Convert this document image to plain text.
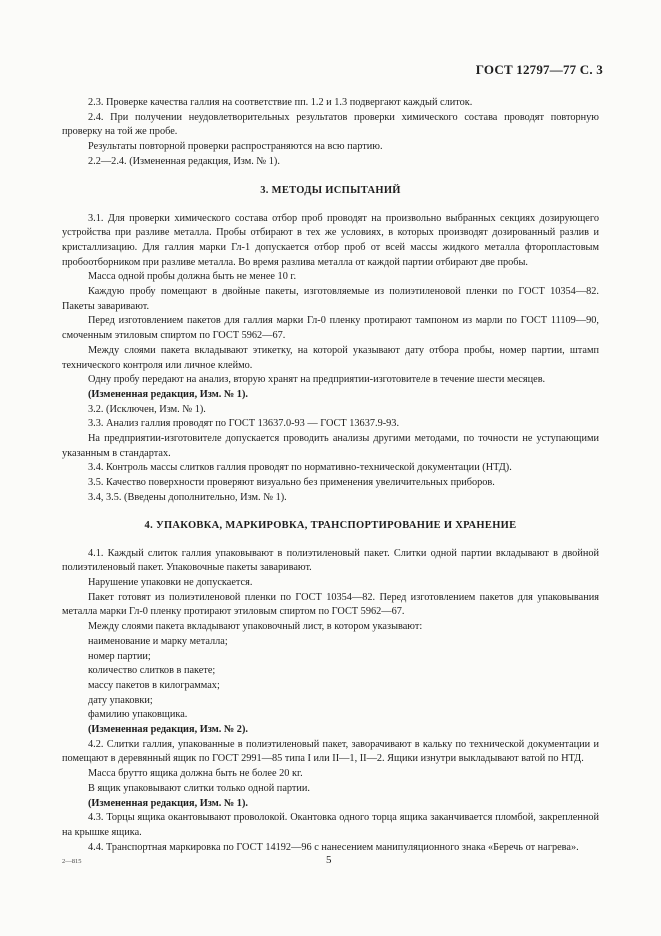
ГОСТ 12797—77 С. 3

2.3. Проверке качества галлия на соответствие пп. 1.2 и 1.3 подвергают каждый слиток.

2.4. При получении неудовлетворительных результатов проверки химического состава проводят повторную проверку на той же пробе.

Результаты повторной проверки распространяются на всю партию.

2.2—2.4. (Измененная редакция, Изм. № 1).

3. МЕТОДЫ ИСПЫТАНИЙ

3.1. Для проверки химического состава отбор проб проводят на произвольно выбранных секциях дозирующего устройства при разливе металла. Пробы отбирают в тех же условиях, в которых производят дозированный разлив и кристаллизацию. Для галлия марки Гл-1 допускается отбор проб от всей массы жидкого металла фторопластовым пробоотборником при разливе металла. Во время разлива металла от каждой партии отбирают две пробы.

Масса одной пробы должна быть не менее 10 г.

Каждую пробу помещают в двойные пакеты, изготовляемые из полиэтиленовой пленки по ГОСТ 10354—82. Пакеты заваривают.

Перед изготовлением пакетов для галлия марки Гл-0 пленку протирают тампоном из марли по ГОСТ 11109—90, смоченным этиловым спиртом по ГОСТ 5962—67.

Между слоями пакета вкладывают этикетку, на которой указывают дату отбора пробы, номер партии, штамп технического контроля или личное клеймо.

Одну пробу передают на анализ, вторую хранят на предприятии-изготовителе в течение шести месяцев.

(Измененная редакция, Изм. № 1).

3.2. (Исключен, Изм. № 1).

3.3. Анализ галлия проводят по ГОСТ 13637.0-93 — ГОСТ 13637.9-93.

На предприятии-изготовителе допускается проводить анализы другими методами, по точности не уступающими указанным в стандартах.

3.4. Контроль массы слитков галлия проводят по нормативно-технической документации (НТД).

3.5. Качество поверхности проверяют визуально без применения увеличительных приборов.

3.4, 3.5. (Введены дополнительно, Изм. № 1).

4. УПАКОВКА, МАРКИРОВКА, ТРАНСПОРТИРОВАНИЕ И ХРАНЕНИЕ

4.1. Каждый слиток галлия упаковывают в полиэтиленовый пакет. Слитки одной партии вкладывают в двойной полиэтиленовый пакет. Упаковочные пакеты заваривают.

Нарушение упаковки не допускается.

Пакет готовят из полиэтиленовой пленки по ГОСТ 10354—82. Перед изготовлением пакетов для упаковывания металла марки Гл-0 пленку протирают этиловым спиртом по ГОСТ 5962—67.

Между слоями пакета вкладывают упаковочный лист, в котором указывают:

наименование и марку металла;

номер партии;

количество слитков в пакете;

массу пакетов в килограммах;

дату упаковки;

фамилию упаковщика.

(Измененная редакция, Изм. № 2).

4.2. Слитки галлия, упакованные в полиэтиленовый пакет, заворачивают в кальку по технической документации и помещают в деревянный ящик по ГОСТ 2991—85 типа I или II—1, II—2. Ящики изнутри выкладывают ватой по НТД.

Масса брутто ящика должна быть не более 20 кг.

В ящик упаковывают слитки только одной партии.

(Измененная редакция, Изм. № 1).

4.3. Торцы ящика окантовывают проволокой. Окантовка одного торца ящика заканчивается пломбой, закрепленной на крышке ящика.

4.4. Транспортная маркировка по ГОСТ 14192—96 с нанесением манипуляционного знака «Беречь от нагрева».

2—815	5
